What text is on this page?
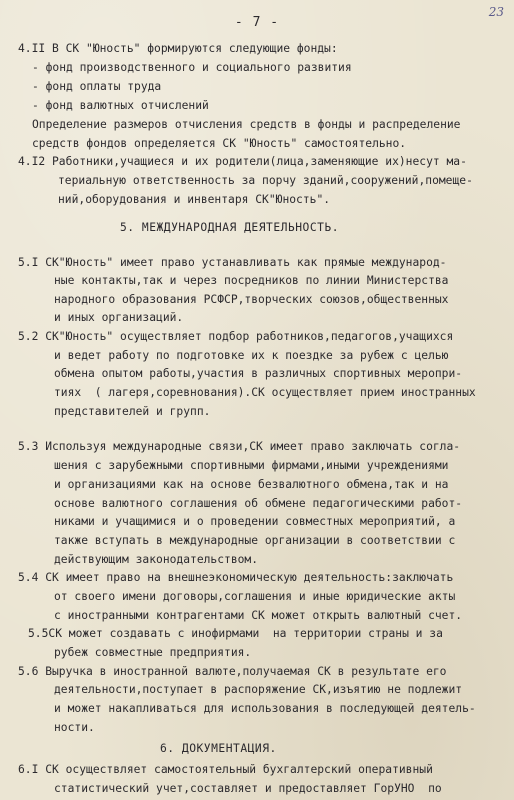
- 7 -
23
4.II В СК "Юность" формируются следующие фонды:
- фонд производственного и социального развития
- фонд оплаты труда
- фонд валютных отчислений
Определение размеров отчисления средств в фонды и распределение
средств фондов определяется СК "Юность" самостоятельно.
4.I2 Работники,учащиеся и их родители(лица,заменяющие их)несут ма-
териальную ответственность за порчу зданий,сооружений,помеще-
ний,оборудования и инвентаря СК"Юность".
5. МЕЖДУНАРОДНАЯ ДЕЯТЕЛЬНОСТЬ.
5.I СК"Юность" имеет право устанавливать как прямые международ-
ные контакты,так и через посредников по линии Министерства
народного образования РСФСР,творческих союзов,общественных
и иных организаций.
5.2 СК"Юность" осуществляет подбор работников,педагогов,учащихся
и ведет работу по подготовке их к поездке за рубеж с целью
обмена опытом работы,участия в различных спортивных меропри-
тиях  ( лагеря,соревнования).СК осуществляет прием иностранных
представителей и групп.
5.3 Используя международные связи,СК имеет право заключать согла-
шения с зарубежными спортивными фирмами,иными учреждениями
и организациями как на основе безвалютного обмена,так и на
основе валютного соглашения об обмене педагогическими работ-
никами и учащимися и о проведении совместных мероприятий, а
также вступать в международные организации в соответствии с
действующим законодательством.
5.4 СК имеет право на внешнеэкономическую деятельность:заключать
от своего имени договоры,соглашения и иные юридические акты
с иностранными контрагентами СК может открыть валютный счет.
5.5СК может создавать с инофирмами  на территории страны и за
рубеж совместные предприятия.
5.6 Выручка в иностранной валюте,получаемая СК в результате его
деятельности,поступает в распоряжение СК,изъятию не подлежит
и может накапливаться для использования в последующей деятель-
ности.
6. ДОКУМЕНТАЦИЯ.
6.I СК осуществляет самостоятельный бухгалтерский оперативный
статистический учет,составляет и предоставляет ГорУНО  по
